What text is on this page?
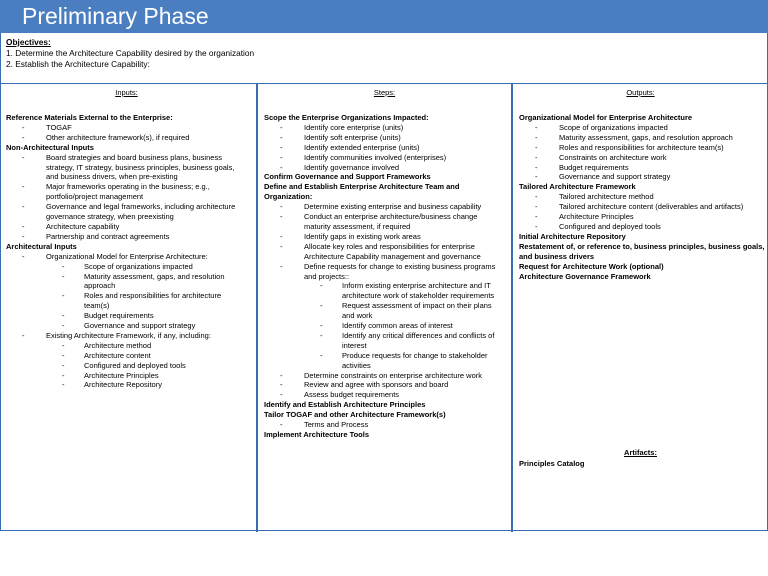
Preliminary Phase
Objectives:
1. Determine the Architecture Capability desired by the organization
2. Establish the Architecture Capability:
Inputs:
Reference Materials External to the Enterprise:
-	TOGAF
-	Other architecture framework(s), if required
Non-Architectural Inputs
-	Board strategies and board business plans, business
strategy, IT strategy, business principles, business goals,
and business drivers, when pre-existing
-	Major frameworks operating in the business; e.g.,
portfolio/project management
-	Governance and legal frameworks, including architecture
governance strategy, when preexisting
-	Architecture capability
-	Partnership and contract agreements
Architectural Inputs
-	Organizational Model for Enterprise Architecture:
-	Scope of organizations impacted
-	Maturity assessment, gaps, and resolution
approach
-	Roles and responsibilities for architecture
team(s)
-	Budget requirements
-	Governance and support strategy
-	Existing Architecture Framework, if any, including:
-	Architecture method
-	Architecture content
-	Configured and deployed tools
-	Architecture Principles
-	Architecture Repository
Steps:
Scope the Enterprise Organizations Impacted:
-	Identify core enterprise (units)
-	Identify soft enterprise (units)
-	Identify extended enterprise (units)
-	Identify communities involved (enterprises)
-	Identify governance involved
Confirm Governance and Support Frameworks
Define and Establish Enterprise Architecture Team and
Organization:
-	Determine existing enterprise and business capability
-	Conduct an enterprise architecture/business change
maturity assessment, if required
-	Identify gaps in existing work areas
-	Allocate key roles and responsibilities for enterprise
Architecture Capability management and governance
-	Define requests for change to existing business programs
and projects::
-	Inform existing enterprise architecture and IT
architecture work of stakeholder requirements
-	Request assessment of impact on their plans
and work
-	Identify common areas of interest
-	Identify any critical differences and conflicts of
interest
-	Produce requests for change to stakeholder
activities
-	Determine constraints on enterprise architecture work
-	Review and agree with sponsors and board
-	Assess budget requirements
Identify and Establish Architecture Principles
Tailor TOGAF and other Architecture Framework(s)
-	Terms and Process
Implement Architecture Tools
Outputs:
Organizational Model for Enterprise Architecture
-	Scope of organizations impacted
-	Maturity assessment, gaps, and resolution approach
-	Roles and responsibilities for architecture team(s)
-	Constraints on architecture work
-	Budget requirements
-	Governance and support strategy
Tailored Architecture Framework
-	Tailored architecture method
-	Tailored architecture content (deliverables and artifacts)
-	Architecture Principles
-	Configured and deployed tools
Initial Architecture Repository
Restatement of, or reference to, business principles, business goals,
and business drivers
Request for Architecture Work (optional)
Architecture Governance Framework
Artifacts:
Principles Catalog
